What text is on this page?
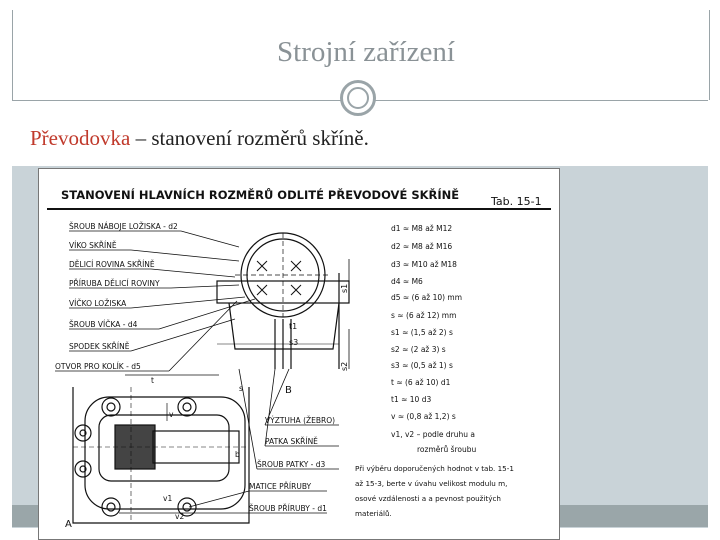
Strojní zařízení
Převodovka – stanovení rozměrů skříně.
STANOVENÍ HLAVNÍCH ROZMĚRŮ ODLITÉ PŘEVODOVÉ SKŘÍNĚ	Tab. 15-1
ŠROUB NÁBOJE LOŽISKA - d2
VÍKO SKŘÍNĚ
DĚLICÍ ROVINA SKŘÍNĚ
PŘÍRUBA DĚLICÍ ROVINY
VÍČKO LOŽISKA
ŠROUB VÍČKA - d4
SPODEK SKŘÍNĚ
OTVOR PRO KOLÍK - d5
B
t1
s3
s1
s2
A
t
v
v1
v2
b
s
VÝZTUHA (ŽEBRO)
PATKA SKŘÍNĚ
ŠROUB PATKY - d3
MATICE PŘÍRUBY
ŠROUB PŘÍRUBY - d1
d1 ≈ M8 až M12
d2 ≈ M8 až M16
d3 ≈ M10 až M18
d4 ≈ M6
d5 ≈ (6 až 10) mm
s ≈ (6 až 12) mm
s1 ≈ (1,5 až 2) s
s2 ≈ (2 až 3) s
s3 ≈ (0,5 až 1) s
t ≈ (6 až 10) d1
t1 ≈ 10 d3
v ≈ (0,8 až 1,2) s
v1, v2 – podle druhu a
rozměrů šroubu
Při výběru doporučených hodnot v tab. 15-1
až 15-3, berte v úvahu velikost modulu m,
osové vzdálenosti a a pevnost použitých
materiálů.
